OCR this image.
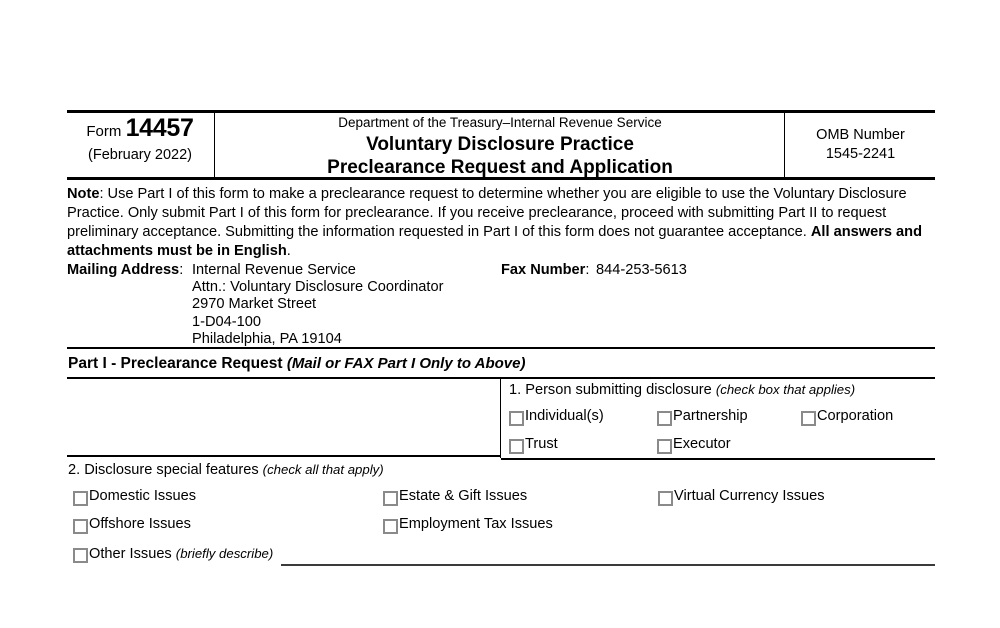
Form 14457
(February 2022)
Department of the Treasury–Internal Revenue Service
Voluntary Disclosure Practice
Preclearance Request and Application
OMB Number
1545-2241
Note: Use Part I of this form to make a preclearance request to determine whether you are eligible to use the Voluntary Disclosure Practice. Only submit Part I of this form for preclearance. If you receive preclearance, proceed with submitting Part II to request preliminary acceptance. Submitting the information requested in Part I of this form does not guarantee acceptance. All answers and attachments must be in English.
Mailing Address: Internal Revenue Service
Attn.: Voluntary Disclosure Coordinator
2970 Market Street
1-D04-100
Philadelphia, PA 19104
Fax Number: 844-253-5613
Part I - Preclearance Request (Mail or FAX Part I Only to Above)
1. Person submitting disclosure (check box that applies)
Individual(s)	Partnership	Corporation
Trust	Executor
2. Disclosure special features (check all that apply)
Domestic Issues	Estate & Gift Issues	Virtual Currency Issues
Offshore Issues	Employment Tax Issues
Other Issues (briefly describe)
